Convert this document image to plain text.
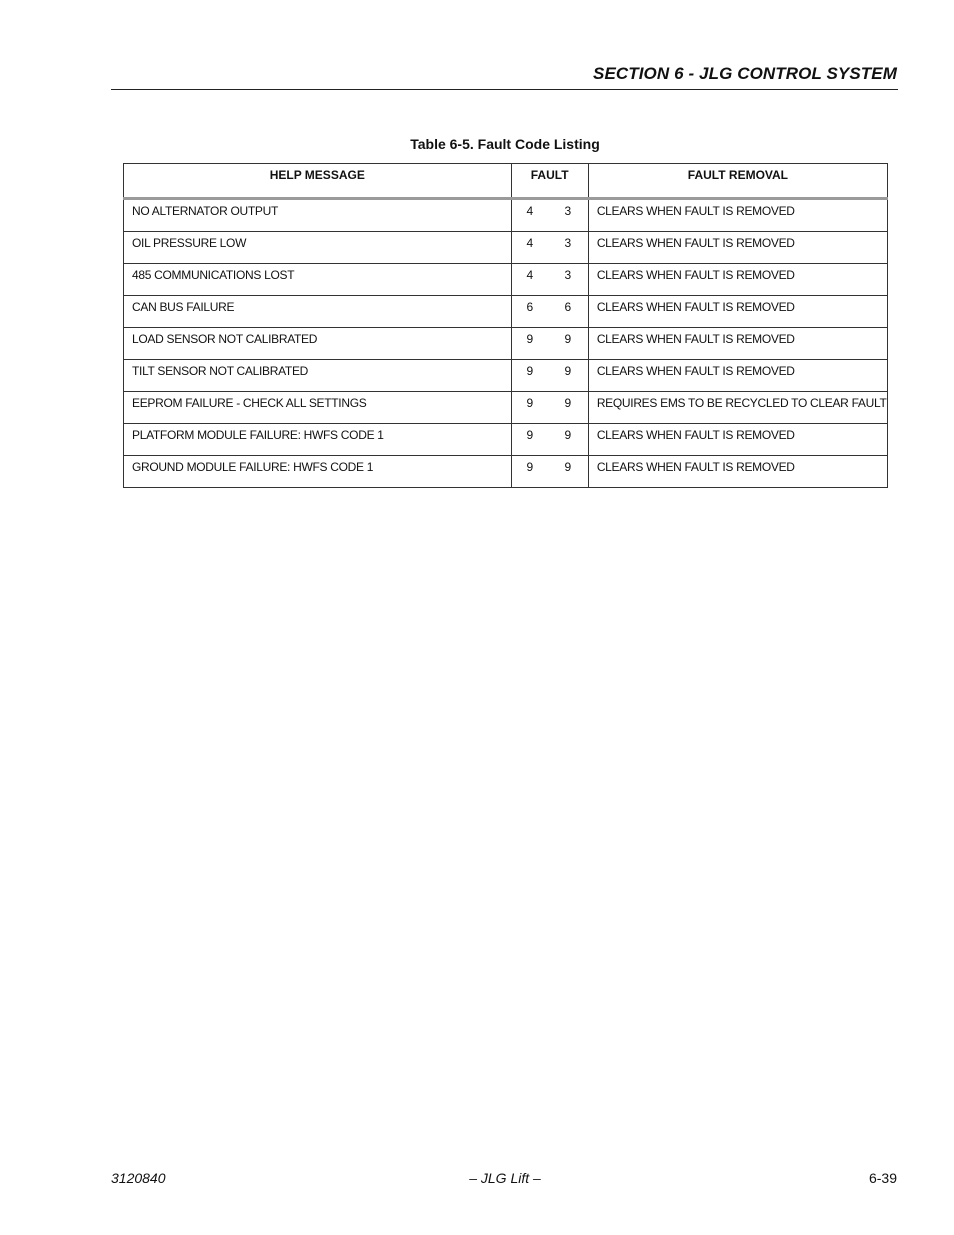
SECTION 6 - JLG CONTROL SYSTEM
Table 6-5. Fault Code Listing
HELP MESSAGE	FAULT	FAULT REMOVAL
NO ALTERNATOR OUTPUT	4 3	CLEARS WHEN FAULT IS REMOVED
OIL PRESSURE LOW	4 3	CLEARS WHEN FAULT IS REMOVED
485 COMMUNICATIONS LOST	4 3	CLEARS WHEN FAULT IS REMOVED
CAN BUS FAILURE	6 6	CLEARS WHEN FAULT IS REMOVED
LOAD SENSOR NOT CALIBRATED	9 9	CLEARS WHEN FAULT IS REMOVED
TILT SENSOR NOT CALIBRATED	9 9	CLEARS WHEN FAULT IS REMOVED
EEPROM FAILURE - CHECK ALL SETTINGS	9 9	REQUIRES EMS TO BE RECYCLED TO CLEAR FAULT
PLATFORM MODULE FAILURE: HWFS CODE 1	9 9	CLEARS WHEN FAULT IS REMOVED
GROUND MODULE FAILURE: HWFS CODE 1	9 9	CLEARS WHEN FAULT IS REMOVED
3120840	– JLG Lift –	6-39
